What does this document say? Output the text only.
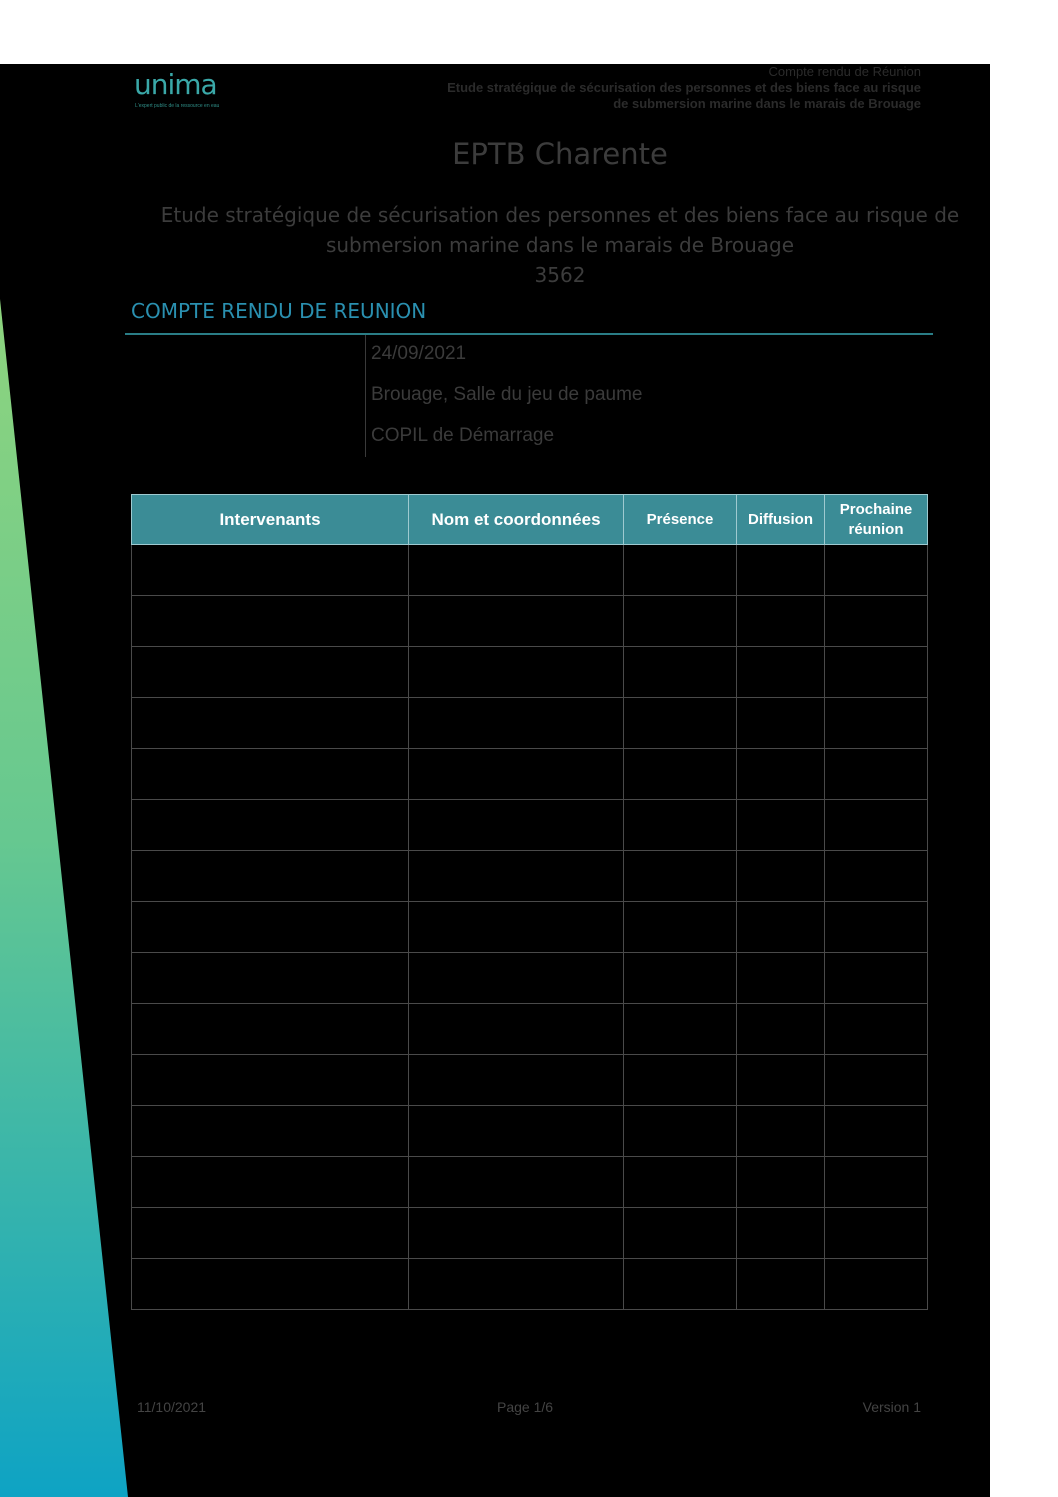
unima
L'expert public de la ressource en eau
Compte rendu de Réunion
Etude stratégique de sécurisation des personnes et des biens face au risque
de submersion marine dans le marais de Brouage
EPTB Charente
Etude stratégique de sécurisation des personnes et des biens face au risque de
submersion marine dans le marais de Brouage
3562
COMPTE RENDU DE REUNION
24/09/2021
Brouage, Salle du jeu de paume
COPIL de Démarrage
Intervenants	Nom et coordonnées	Présence	Diffusion	Prochaine réunion

11/10/2021	Page 1/6	Version 1
